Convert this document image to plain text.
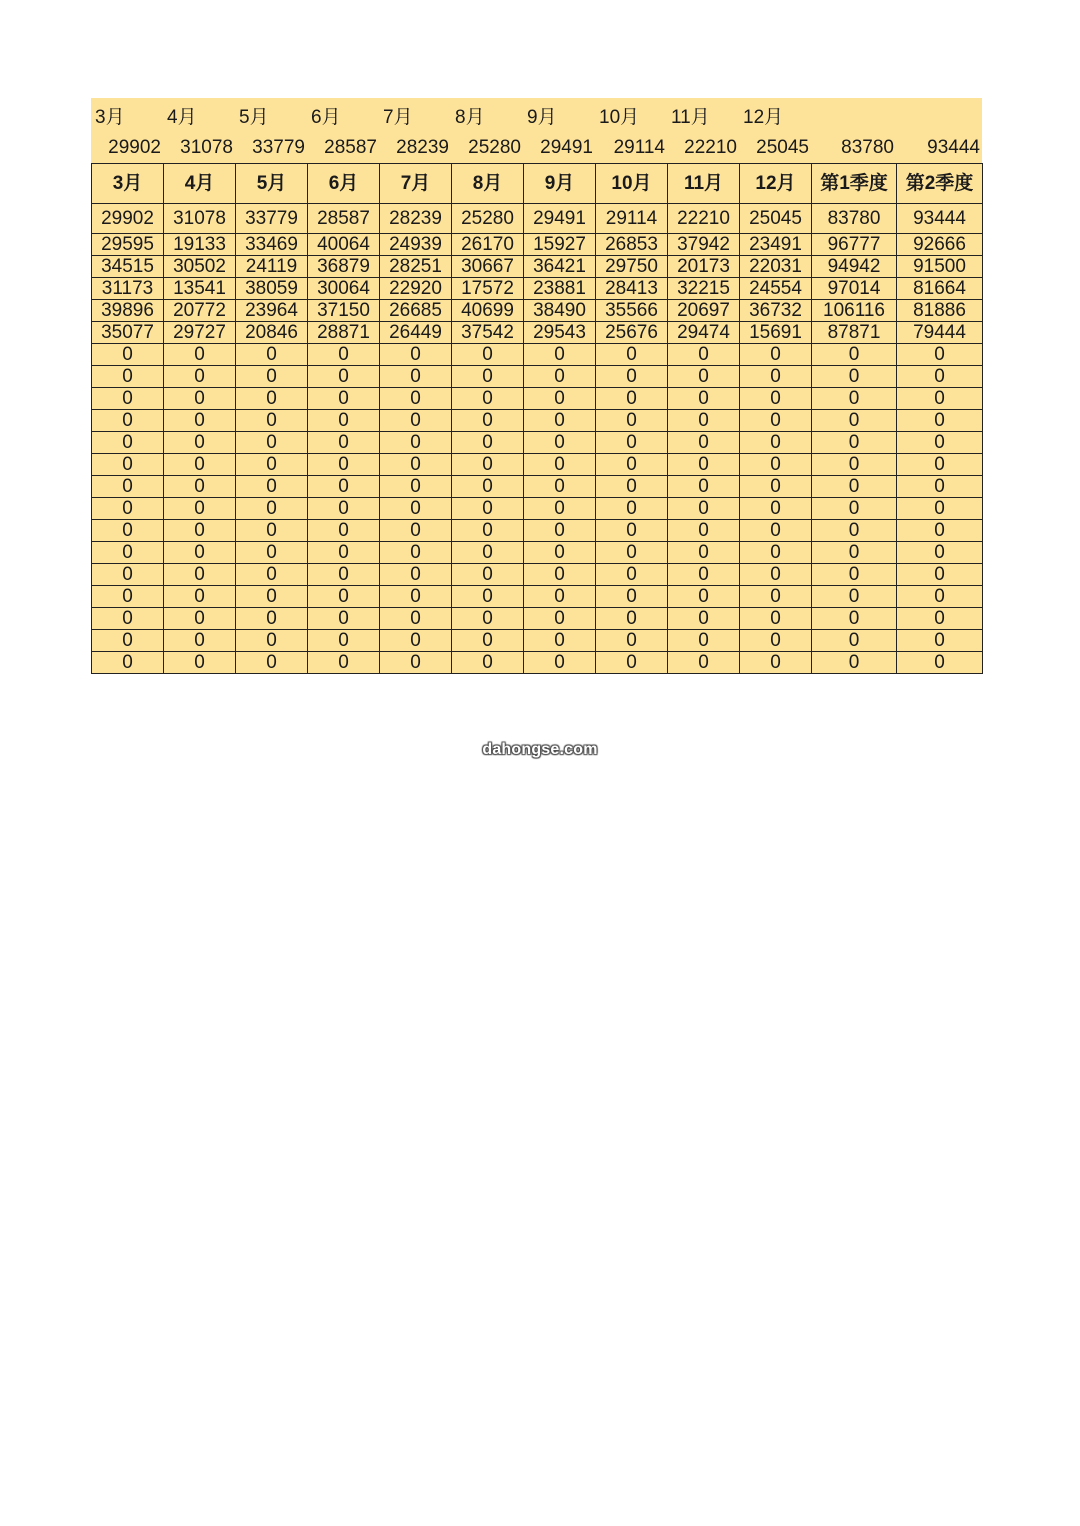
3月	4月	5月	6月	7月	8月	9月	10月	11月	12月
29902	31078	33779	28587	28239	25280	29491	29114	22210	25045	83780	93444
3月	4月	5月	6月	7月	8月	9月	10月	11月	12月	第1季度	第2季度
29902	31078	33779	28587	28239	25280	29491	29114	22210	25045	83780	93444
29595	19133	33469	40064	24939	26170	15927	26853	37942	23491	96777	92666
34515	30502	24119	36879	28251	30667	36421	29750	20173	22031	94942	91500
31173	13541	38059	30064	22920	17572	23881	28413	32215	24554	97014	81664
39896	20772	23964	37150	26685	40699	38490	35566	20697	36732	106116	81886
35077	29727	20846	28871	26449	37542	29543	25676	29474	15691	87871	79444
0	0	0	0	0	0	0	0	0	0	0	0
0	0	0	0	0	0	0	0	0	0	0	0
0	0	0	0	0	0	0	0	0	0	0	0
0	0	0	0	0	0	0	0	0	0	0	0
0	0	0	0	0	0	0	0	0	0	0	0
0	0	0	0	0	0	0	0	0	0	0	0
0	0	0	0	0	0	0	0	0	0	0	0
0	0	0	0	0	0	0	0	0	0	0	0
0	0	0	0	0	0	0	0	0	0	0	0
0	0	0	0	0	0	0	0	0	0	0	0
0	0	0	0	0	0	0	0	0	0	0	0
0	0	0	0	0	0	0	0	0	0	0	0
0	0	0	0	0	0	0	0	0	0	0	0
0	0	0	0	0	0	0	0	0	0	0	0
0	0	0	0	0	0	0	0	0	0	0	0
dahongse.com
